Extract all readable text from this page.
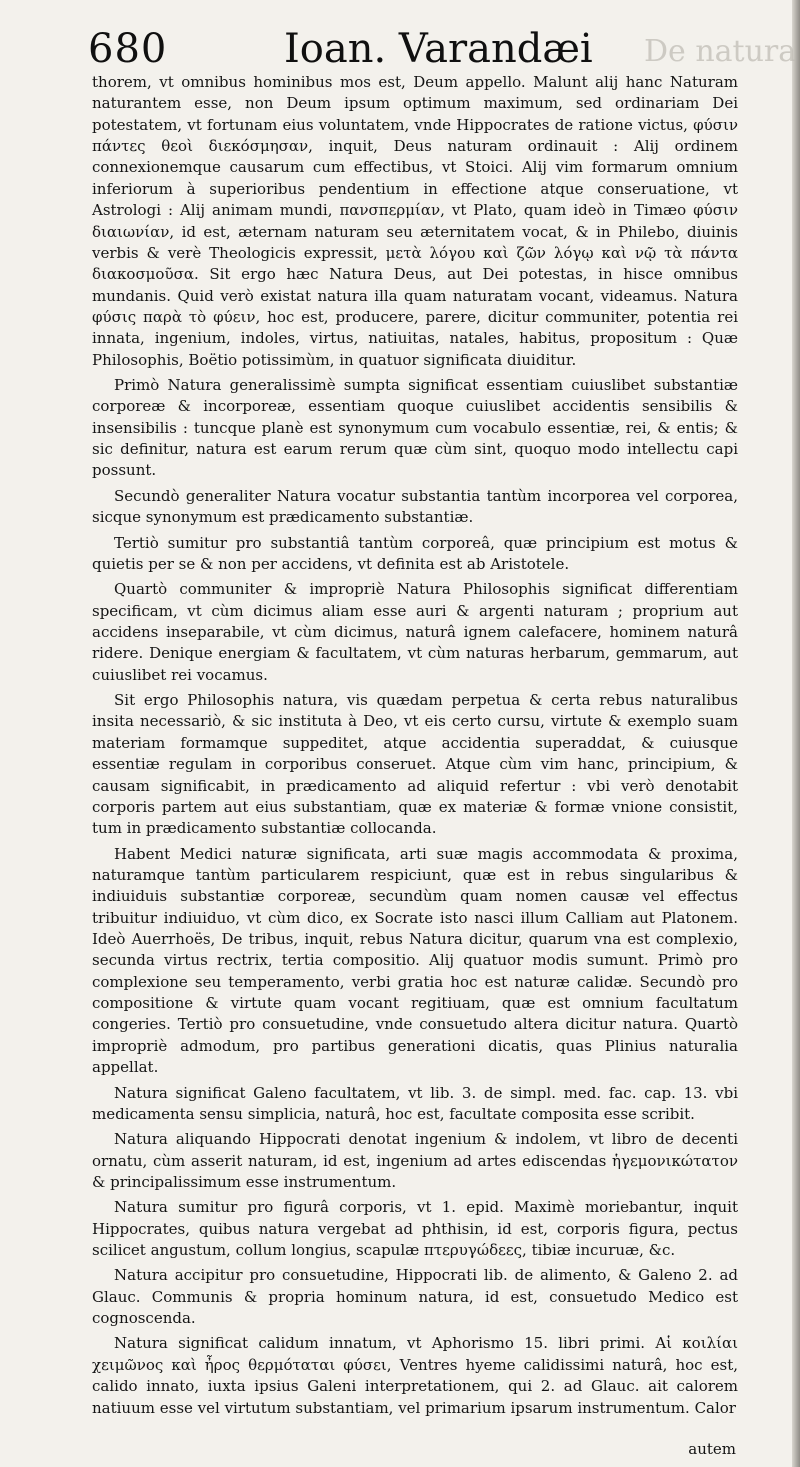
680	Ioan. Varandæi De natura

thorem, vt omnibus hominibus mos est, Deum appello. Malunt alij hanc Naturam naturantem esse, non Deum ipsum optimum maximum, sed ordinariam Dei potestatem, vt fortunam eius voluntatem, vnde Hippocrates de ratione victus, φύσιν πάντες θεοὶ διεκόσμησαν, inquit, Deus naturam ordinauit : Alij ordinem connexionemque causarum cum effectibus, vt Stoici. Alij vim formarum omnium inferiorum à superioribus pendentium in effectione atque conseruatione, vt Astrologi : Alij animam mundi, πανσπερμίαν, vt Plato, quam ideò in Timæo φύσιν διαιωνίαν, id est, æternam naturam seu æternitatem vocat, & in Philebo, diuinis verbis & verè Theologicis expressit, μετὰ λόγου καὶ ζῶν λόγῳ καὶ νῷ τὰ πάντα διακοσμοῦσα. Sit ergo hæc Natura Deus, aut Dei potestas, in hisce omnibus mundanis. Quid verò existat natura illa quam naturatam vocant, videamus. Natura φύσις παρὰ τὸ φύειν, hoc est, producere, parere, dicitur communiter, potentia rei innata, ingenium, indoles, virtus, natiuitas, natales, habitus, propositum : Quæ Philosophis, Boëtio potissimùm, in quatuor significata diuiditur.

Primò Natura generalissimè sumpta significat essentiam cuiuslibet substantiæ corporeæ & incorporeæ, essentiam quoque cuiuslibet accidentis sensibilis & insensibilis : tuncque planè est synonymum cum vocabulo essentiæ, rei, & entis; & sic definitur, natura est earum rerum quæ cùm sint, quoquo modo intellectu capi possunt.

Secundò generaliter Natura vocatur substantia tantùm incorporea vel corporea, sicque synonymum est prædicamento substantiæ.

Tertiò sumitur pro substantiâ tantùm corporeâ, quæ principium est motus & quietis per se & non per accidens, vt definita est ab Aristotele.

Quartò communiter & impropriè Natura Philosophis significat differentiam specificam, vt cùm dicimus aliam esse auri & argenti naturam ; proprium aut accidens inseparabile, vt cùm dicimus, naturâ ignem calefacere, hominem naturâ ridere. Denique energiam & facultatem, vt cùm naturas herbarum, gemmarum, aut cuiuslibet rei vocamus.

Sit ergo Philosophis natura, vis quædam perpetua & certa rebus naturalibus insita necessariò, & sic instituta à Deo, vt eis certo cursu, virtute & exemplo suam materiam formamque suppeditet, atque accidentia superaddat, & cuiusque essentiæ regulam in corporibus conseruet. Atque cùm vim hanc, principium, & causam significabit, in prædicamento ad aliquid refertur : vbi verò denotabit corporis partem aut eius substantiam, quæ ex materiæ & formæ vnione consistit, tum in prædicamento substantiæ collocanda.

Habent Medici naturæ significata, arti suæ magis accommodata & proxima, naturamque tantùm particularem respiciunt, quæ est in rebus singularibus & indiuiduis substantiæ corporeæ, secundùm quam nomen causæ vel effectus tribuitur indiuiduo, vt cùm dico, ex Socrate isto nasci illum Calliam aut Platonem. Ideò Auerrhoës, De tribus, inquit, rebus Natura dicitur, quarum vna est complexio, secunda virtus rectrix, tertia compositio. Alij quatuor modis sumunt. Primò pro complexione seu temperamento, verbi gratia hoc est naturæ calidæ. Secundò pro compositione & virtute quam vocant regitiuam, quæ est omnium facultatum congeries. Tertiò pro consuetudine, vnde consuetudo altera dicitur natura. Quartò impropriè admodum, pro partibus generationi dicatis, quas Plinius naturalia appellat.

Natura significat Galeno facultatem, vt lib. 3. de simpl. med. fac. cap. 13. vbi medicamenta sensu simplicia, naturâ, hoc est, facultate composita esse scribit.

Natura aliquando Hippocrati denotat ingenium & indolem, vt libro de decenti ornatu, cùm asserit naturam, id est, ingenium ad artes ediscendas ἡγεμονικώτατον & principalissimum esse instrumentum.

Natura sumitur pro figurâ corporis, vt 1. epid. Maximè moriebantur, inquit Hippocrates, quibus natura vergebat ad phthisin, id est, corporis figura, pectus scilicet angustum, collum longius, scapulæ πτερυγώδεες, tibiæ incuruæ, &c.

Natura accipitur pro consuetudine, Hippocrati lib. de alimento, & Galeno 2. ad Glauc. Communis & propria hominum natura, id est, consuetudo Medico est cognoscenda.

Natura significat calidum innatum, vt Aphorismo 15. libri primi. Αἱ κοιλίαι χειμῶνος καὶ ἦρος θερμόταται φύσει, Ventres hyeme calidissimi naturâ, hoc est, calido innato, iuxta ipsius Galeni interpretationem, qui 2. ad Glauc. ait calorem natiuum esse vel virtutum substantiam, vel primarium ipsarum instrumentum. Calor

autem
